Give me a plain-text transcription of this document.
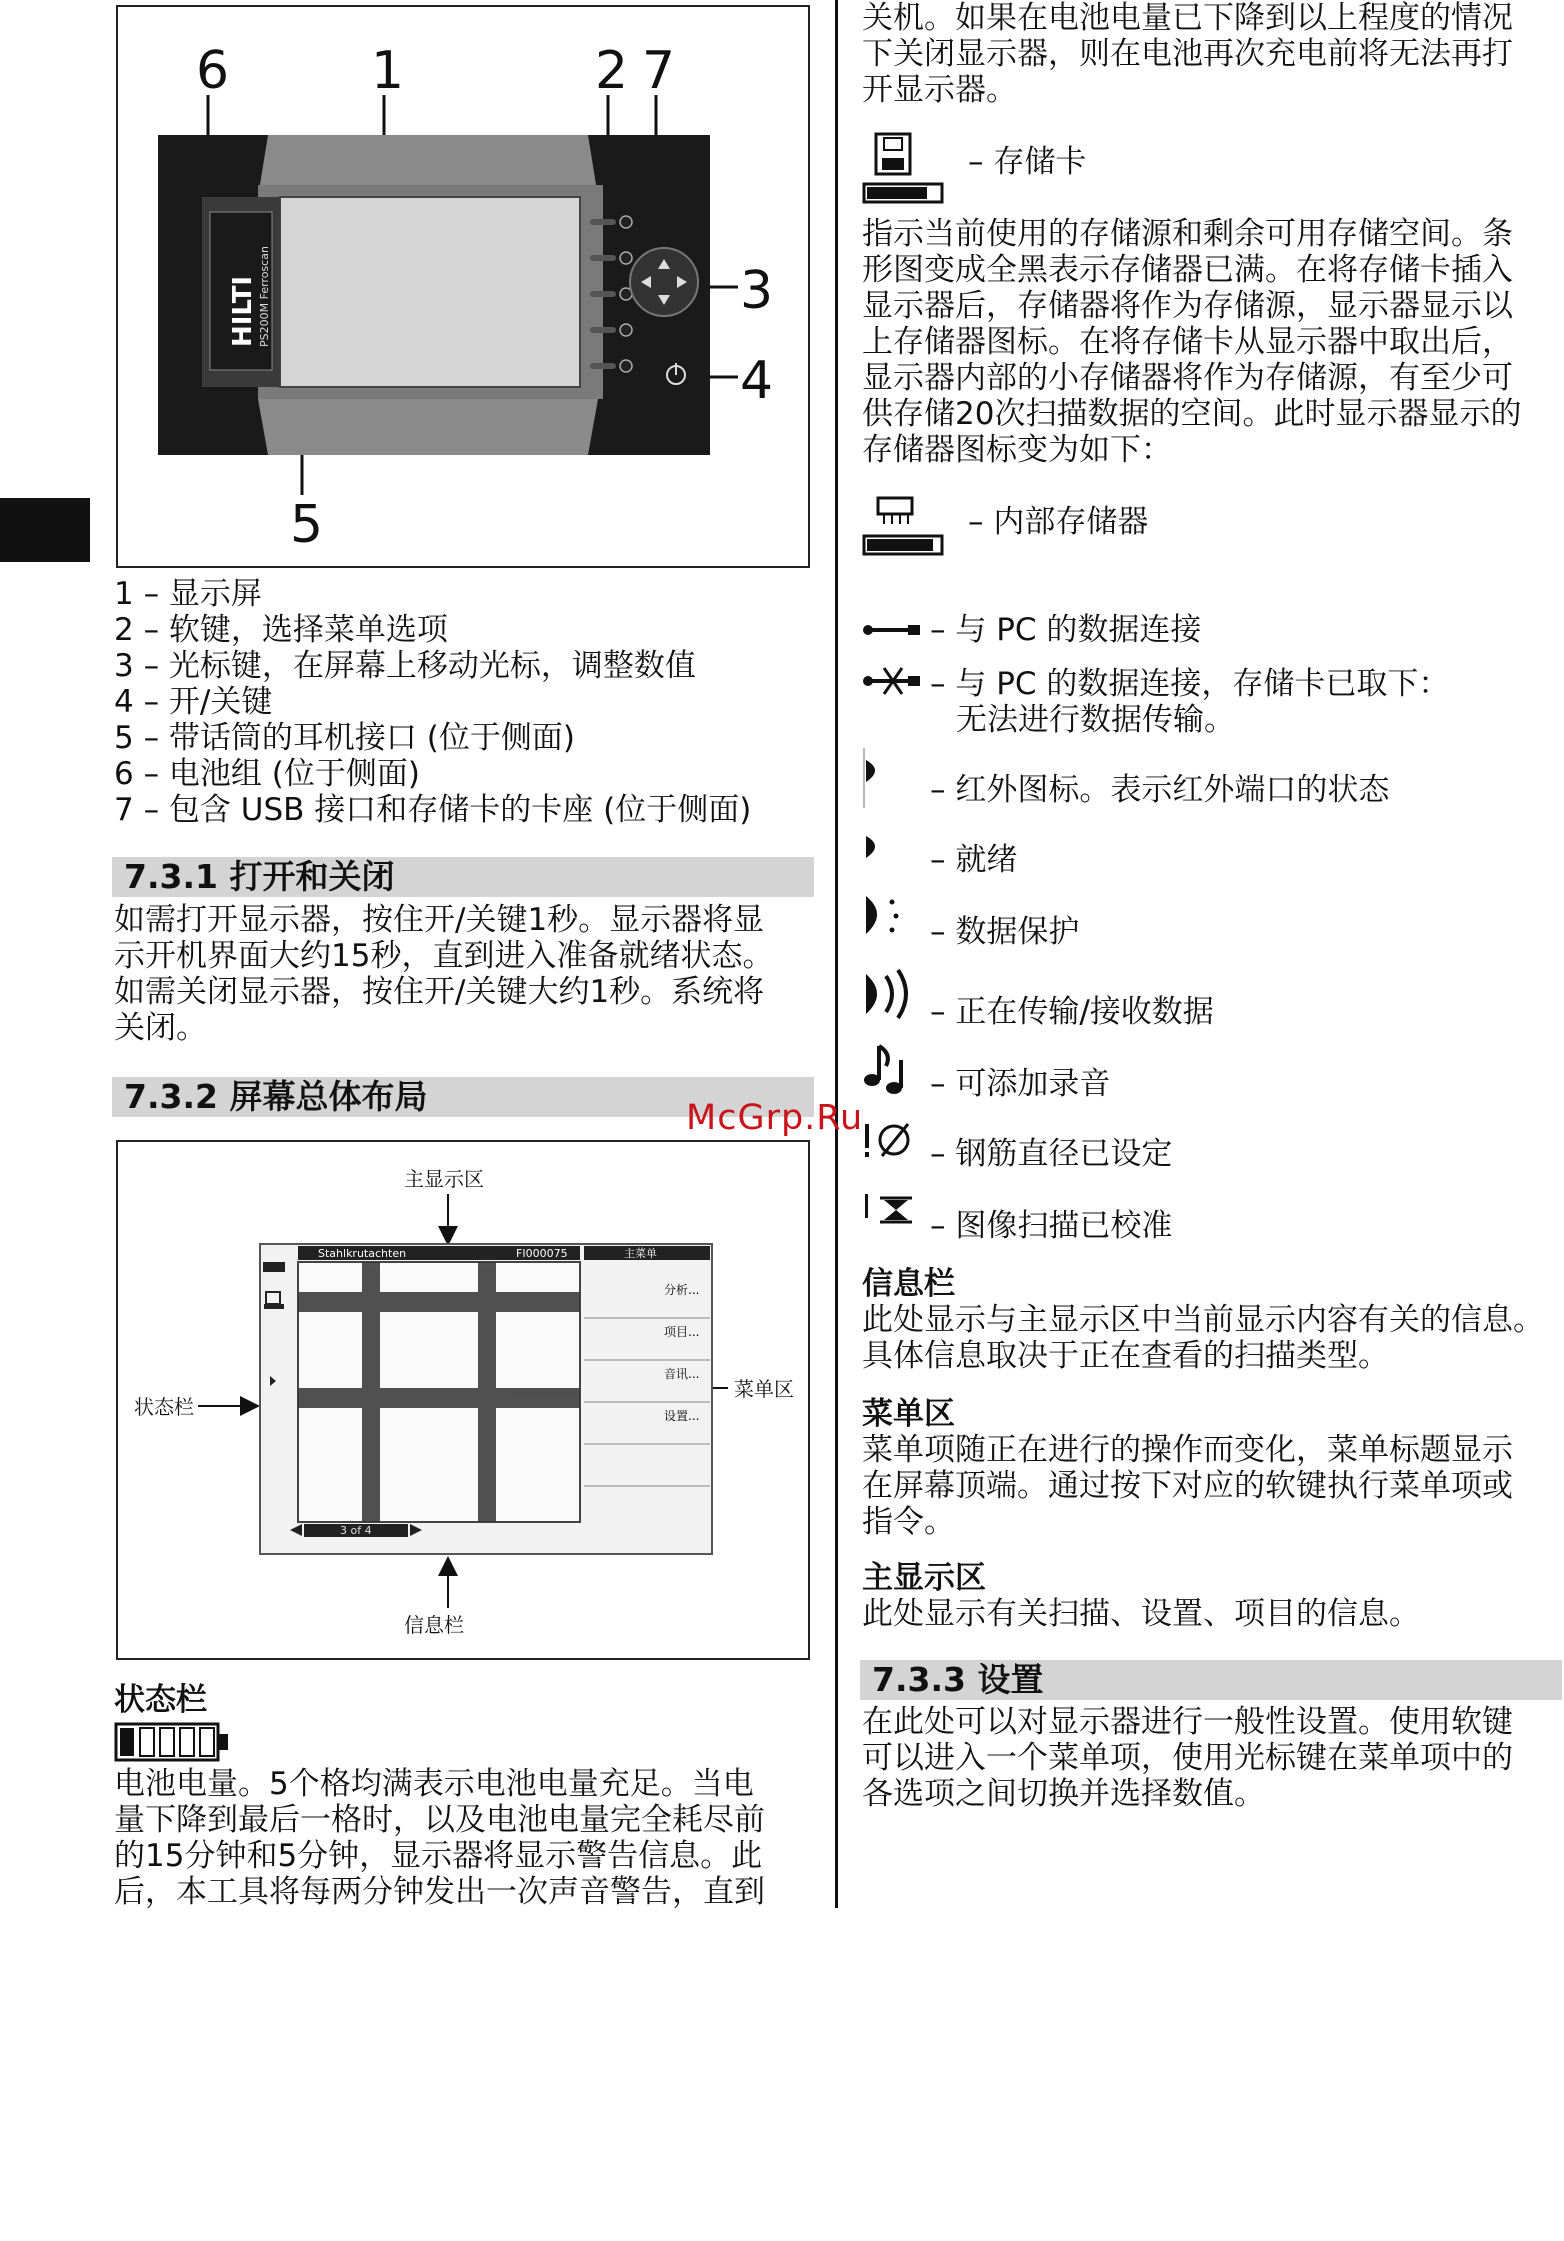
6	1	2 7
3
4
5
HILTI PS200M Ferroscan
1 – 显示屏
2 – 软键，选择菜单选项
3 – 光标键，在屏幕上移动光标，调整数值
4 – 开/关键
5 – 带话筒的耳机接口 (位于侧面)
6 – 电池组 (位于侧面)
7 – 包含 USB 接口和存储卡的卡座 (位于侧面)
7.3.1 打开和关闭
如需打开显示器，按住开/关键1秒。显示器将显
示开机界面大约15秒，直到进入准备就绪状态。
如需关闭显示器，按住开/关键大约1秒。系统将
关闭。
7.3.2 屏幕总体布局
主显示区
状态栏
菜单区
信息栏
Stahlkrutachten	FI000075	主菜单
分析...
项目...
音讯...
设置...
3 of 4
状态栏
电池电量。5个格均满表示电池电量充足。当电
量下降到最后一格时，以及电池电量完全耗尽前
的15分钟和5分钟，显示器将显示警告信息。此
后，本工具将每两分钟发出一次声音警告，直到
关机。如果在电池电量已下降到以上程度的情况
下关闭显示器，则在电池再次充电前将无法再打
开显示器。
– 存储卡
指示当前使用的存储源和剩余可用存储空间。条
形图变成全黑表示存储器已满。在将存储卡插入
显示器后，存储器将作为存储源，显示器显示以
上存储器图标。在将存储卡从显示器中取出后，
显示器内部的小存储器将作为存储源，有至少可
供存储20次扫描数据的空间。此时显示器显示的
存储器图标变为如下：
– 内部存储器
– 与 PC 的数据连接
– 与 PC 的数据连接，存储卡已取下：
无法进行数据传输。
– 红外图标。表示红外端口的状态
– 就绪
– 数据保护
– 正在传输/接收数据
– 可添加录音
– 钢筋直径已设定
– 图像扫描已校准
信息栏
此处显示与主显示区中当前显示内容有关的信息。
具体信息取决于正在查看的扫描类型。
菜单区
菜单项随正在进行的操作而变化，菜单标题显示
在屏幕顶端。通过按下对应的软键执行菜单项或
指令。
主显示区
此处显示有关扫描、设置、项目的信息。
7.3.3 设置
在此处可以对显示器进行一般性设置。使用软键
可以进入一个菜单项，使用光标键在菜单项中的
各选项之间切换并选择数值。
McGrp.Ru
